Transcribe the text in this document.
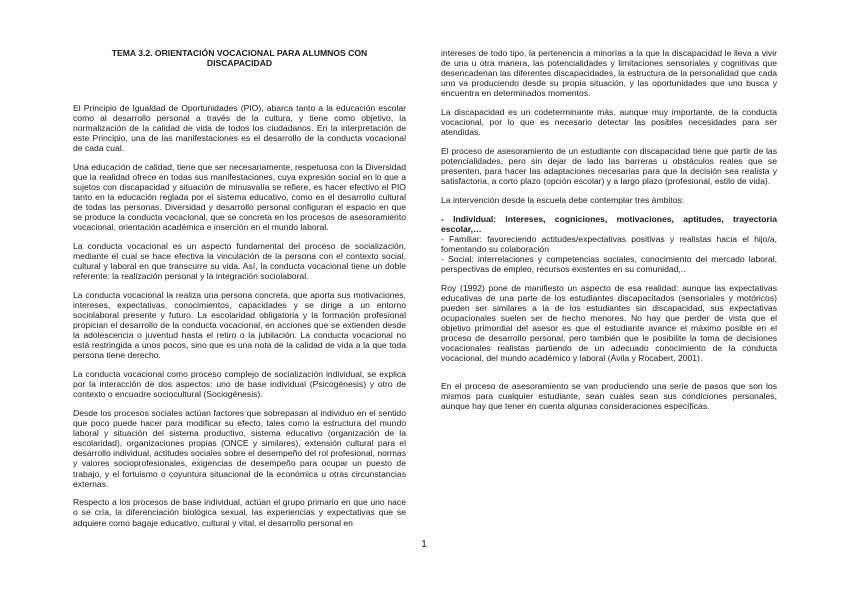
TEMA 3.2. ORIENTACIÓN VOCACIONAL PARA ALUMNOS CON DISCAPACIDAD

El Principio de Igualdad de Oportunidades (PIO), abarca tanto a la educación escolar como al desarrollo personal a través de la cultura, y tiene como objetivo, la normalización de la calidad de vida de todos los ciudadanos. En la interpretación de este Principio, una de las manifestaciones es el desarrollo de la conducta vocacional de cada cual.

Una educación de calidad, tiene que ser necesariamente, respetuosa con la Diversidad que la realidad ofrece en todas sus manifestaciones, cuya expresión social en lo que a sujetos con discapacidad y situación de minusvalía se refiere, es hacer efectivo el PIO tanto en la educación reglada por el sistema educativo, como es el desarrollo cultural de todas las personas. Diversidad y desarrollo personal configuran el espacio en que se produce la conducta vocacional, que se concreta en los procesos de asesoramiento vocacional, orientación académica e inserción en el mundo laboral.

La conducta vocacional es un aspecto fundamental del proceso de socialización, mediante el cual se hace efectiva la vinculación de la persona con el contexto social, cultural y laboral en que transcurre su vida. Así, la conducta vocacional tiene un doble referente: la realización personal y la integración sociolaboral.

La conducta vocacional la realiza una persona concreta, que aporta sus motivaciones, intereses, expectativas, conocimientos, capacidades y se dirige a un entorno sociolaboral presente y futuro. La escolaridad obligatoria y la formación profesional propician el desarrollo de la conducta vocacional, en acciones que se extienden desde la adolescencia o juventud hasta el retiro o la jubilación. La conducta vocacional no está restringida a unos pocos, sino que es una nota de la calidad de vida a la que toda persona tiene derecho.

La conducta vocacional como proceso complejo de socialización individual, se explica por la interacción de dos aspectos: uno de base individual (Psicogénesis) y otro de contexto o encuadre sociocultural (Sociogénesis).

Desde los procesos sociales actúan factores que sobrepasan al individuo en el sentido que poco puede hacer para modificar su efecto, tales como la estructura del mundo laboral y situación del sistema productivo, sistema educativo (organización de la escolaridad), organizaciones propias (ONCE y similares), extensión cultural para el desarrollo individual, actitudes sociales sobre el desempeño del rol profesional, normas y valores socioprofesionales, exigencias de desempeño para ocupar un puesto de trabajo, y el fortuismo o coyuntura situacional de la económica u otras circunstancias externas.

Respecto a los procesos de base individual, actúan el grupo primario en que uno nace o se cría, la diferenciación biológica sexual, las experiencias y expectativas que se adquiere como bagaje educativo, cultural y vital, el desarrollo personal en

intereses de todo tipo, la pertenencia a minorías a la que la discapacidad le lleva a vivir de una u otra manera, las potencialidades y limitaciones sensoriales y cognitivas que desencadenan las diferentes discapacidades, la estructura de la personalidad que cada uno va produciendo desde su propia situación, y las oportunidades que uno busca y encuentra en determinados momentos.

La discapacidad es un codeterminante más, aunque muy importante, de la conducta vocacional, por lo que es necesario detectar las posibles necesidades para ser atendidas.

El proceso de asesoramiento de un estudiante con discapacidad tiene que partir de las potencialidades, pero sin dejar de lado las barreras u obstáculos reales que se presenten, para hacer las adaptaciones necesarias para que la decisión sea realista y satisfactoria, a corto plazo (opción escolar) y a largo plazo (profesional, estilo de vida).

La intervención desde la escuela debe contemplar tres ámbitos:

- Individual: intereses, cogniciones, motivaciones, aptitudes, trayectoria escolar,…
- Familiar: favoreciendo actitudes/expectativas positivas y realistas hacia el hijo/a, fomentando su colaboración
- Social: interrelaciones y competencias sociales, conocimiento del mercado laboral, perspectivas de empleo, recursos existentes en su comunidad,..

Roy (1992) pone de manifiesto un aspecto de esa realidad: aunque las expectativas educativas de una parte de los estudiantes discapacitados (sensoriales y motóricos) pueden ser similares a la de los estudiantes sin discapacidad, sus expectativas ocupacionales suelen ser de hecho menores. No hay que perder de vista que el objetivo primordial del asesor es que el estudiante avance el máximo posible en el proceso de desarrollo personal, pero también que le posibilite la toma de decisiones vocacionales realistas partiendo de un adecuado conocimiento de la conducta vocacional, del mundo académico y laboral (Ávila y Rocabert, 2001).

En el proceso de asesoramiento se van produciendo una serie de pasos que son los mismos para cualquier estudiante, sean cuales sean sus condiciones personales, aunque hay que tener en cuenta algunas consideraciones específicas.

1
